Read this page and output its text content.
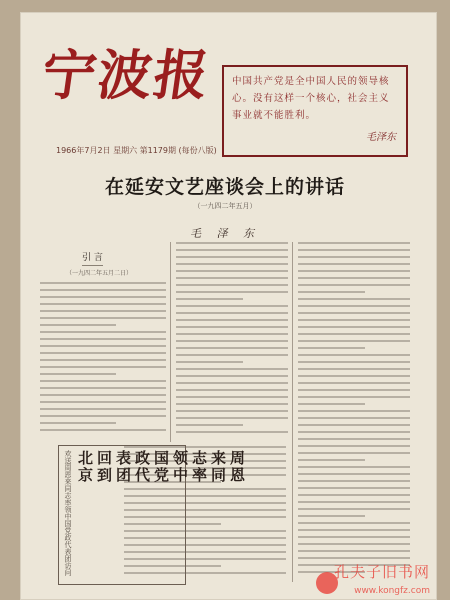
宁波报
1966年7月2日 星期六 第1179期 (每份八版)
中国共产党是全中国人民的领导核心。没有这样一个核心，社会主义事业就不能胜利。
毛泽东
在延安文艺座谈会上的讲话
（一九四二年五月）
毛 泽 东
引 言
（一九四二年五月二日）
欢送周恩来同志率领中国党政代表团访问	周恩
来同
志率
领中
国党
政代
表团
回到
北京
孔夫子旧书网
www.kongfz.com
